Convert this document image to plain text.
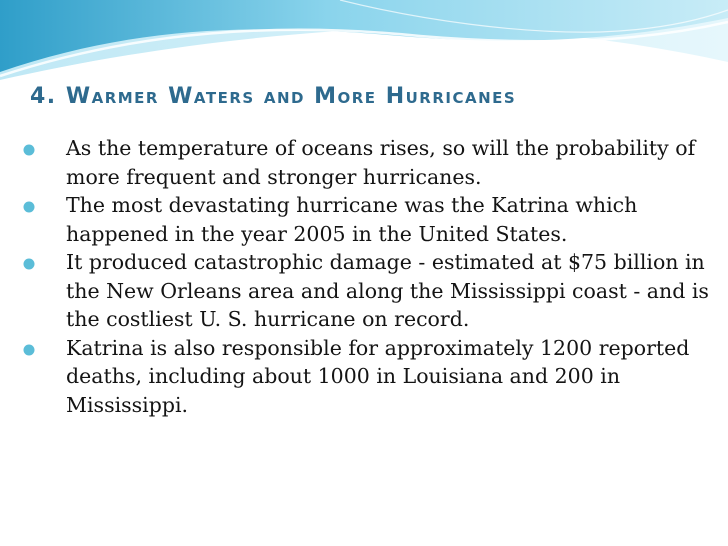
4. Warmer Waters and More Hurricanes
As the temperature of oceans rises, so will the probability of more frequent and stronger hurricanes.
The most devastating hurricane was the Katrina which happened in the year 2005 in the United States.
It produced catastrophic damage - estimated at $75 billion in the New Orleans area and along the Mississippi coast - and is the costliest U. S. hurricane on record.
Katrina is also responsible for approximately 1200 reported deaths, including about 1000 in Louisiana and 200 in Mississippi.
